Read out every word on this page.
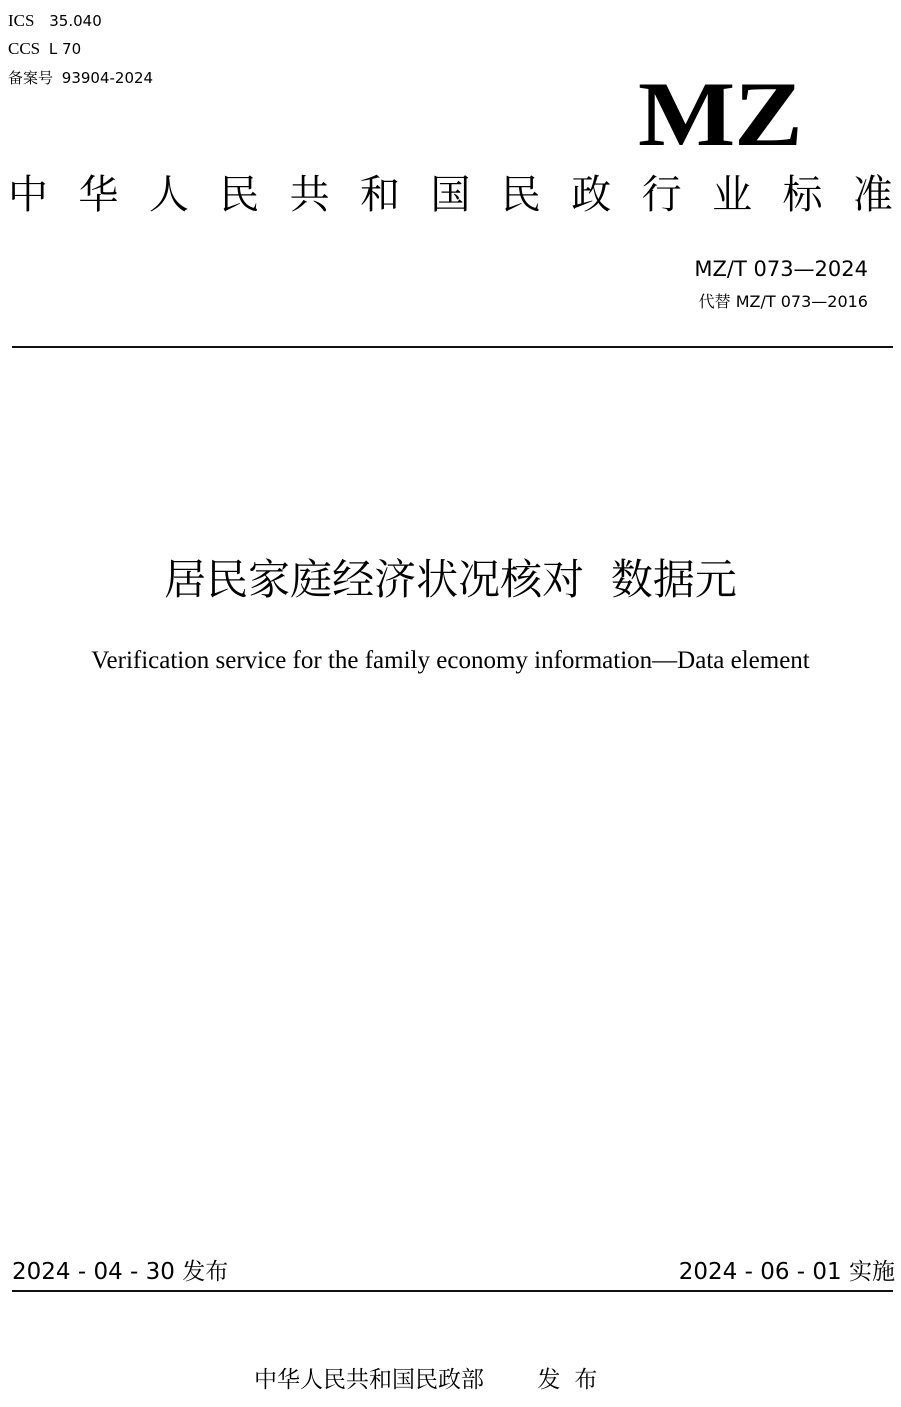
ICS 35.040
CCS L 70
备案号 93904-2024	MZ
中 华 人 民 共 和 国 民 政 行 业 标 准
MZ/T 073—2024
代替 MZ/T 073—2016
居民家庭经济状况核对  数据元
Verification service for the family economy information—Data element
2024 - 04 - 30 发布	2024 - 06 - 01 实施
中华人民共和国民政部 发布
